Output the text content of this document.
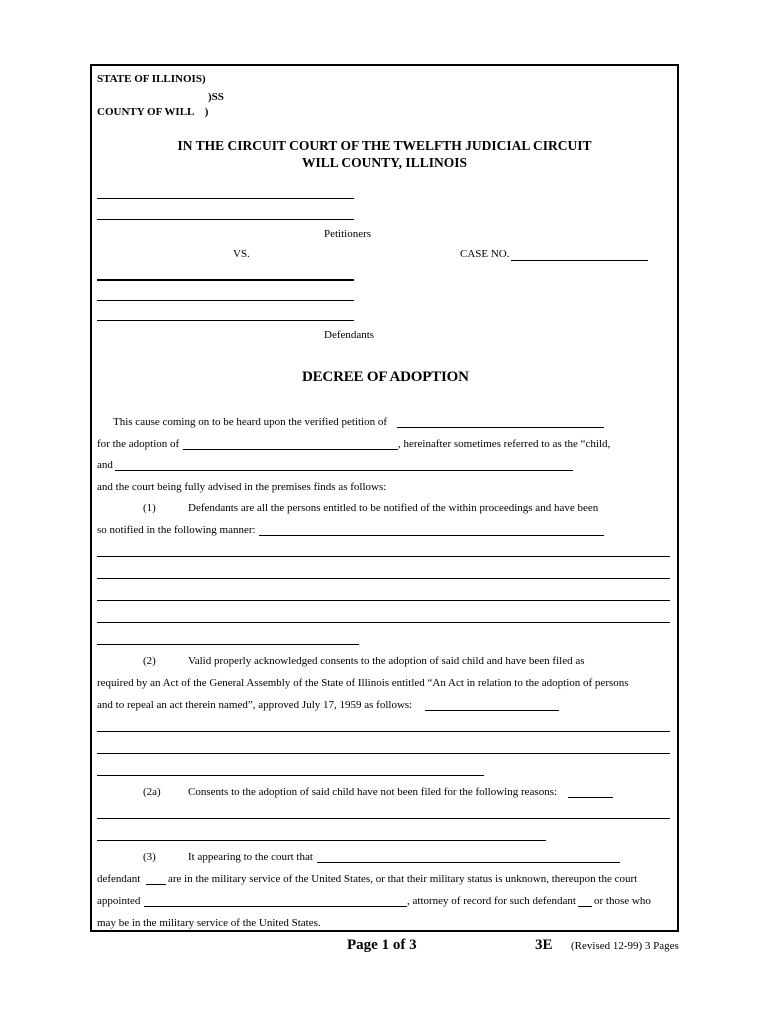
STATE OF ILLINOIS)
)SS
COUNTY OF WILL    )
IN THE CIRCUIT COURT OF THE TWELFTH JUDICIAL CIRCUIT
WILL COUNTY, ILLINOIS
Petitioners
VS.	CASE NO.
Defendants
DECREE OF ADOPTION
This cause coming on to be heard upon the verified petition of
for the adoption of	, hereinafter sometimes referred to as the “child,
and
and the court being fully advised in the premises finds as follows:
(1)	Defendants are all the persons entitled to be notified of the within proceedings and have been
so notified in the following manner:
(2)	Valid properly acknowledged consents to the adoption of said child and have been filed as
required by an Act of the General Assembly of the State of Illinois entitled “An Act in relation to the adoption of persons
and to repeal an act therein named”, approved July 17, 1959 as follows:
(2a) Consents to the adoption of said child have not been filed for the following reasons:
(3)	It appearing to the court that
defendant	are in the military service of the United States, or that their military status is unknown, thereupon the court
appointed	, attorney of record for such defendant or those who
may be in the military service of the United States.
Page 1 of 3	3E (Revised 12-99) 3 Pages
